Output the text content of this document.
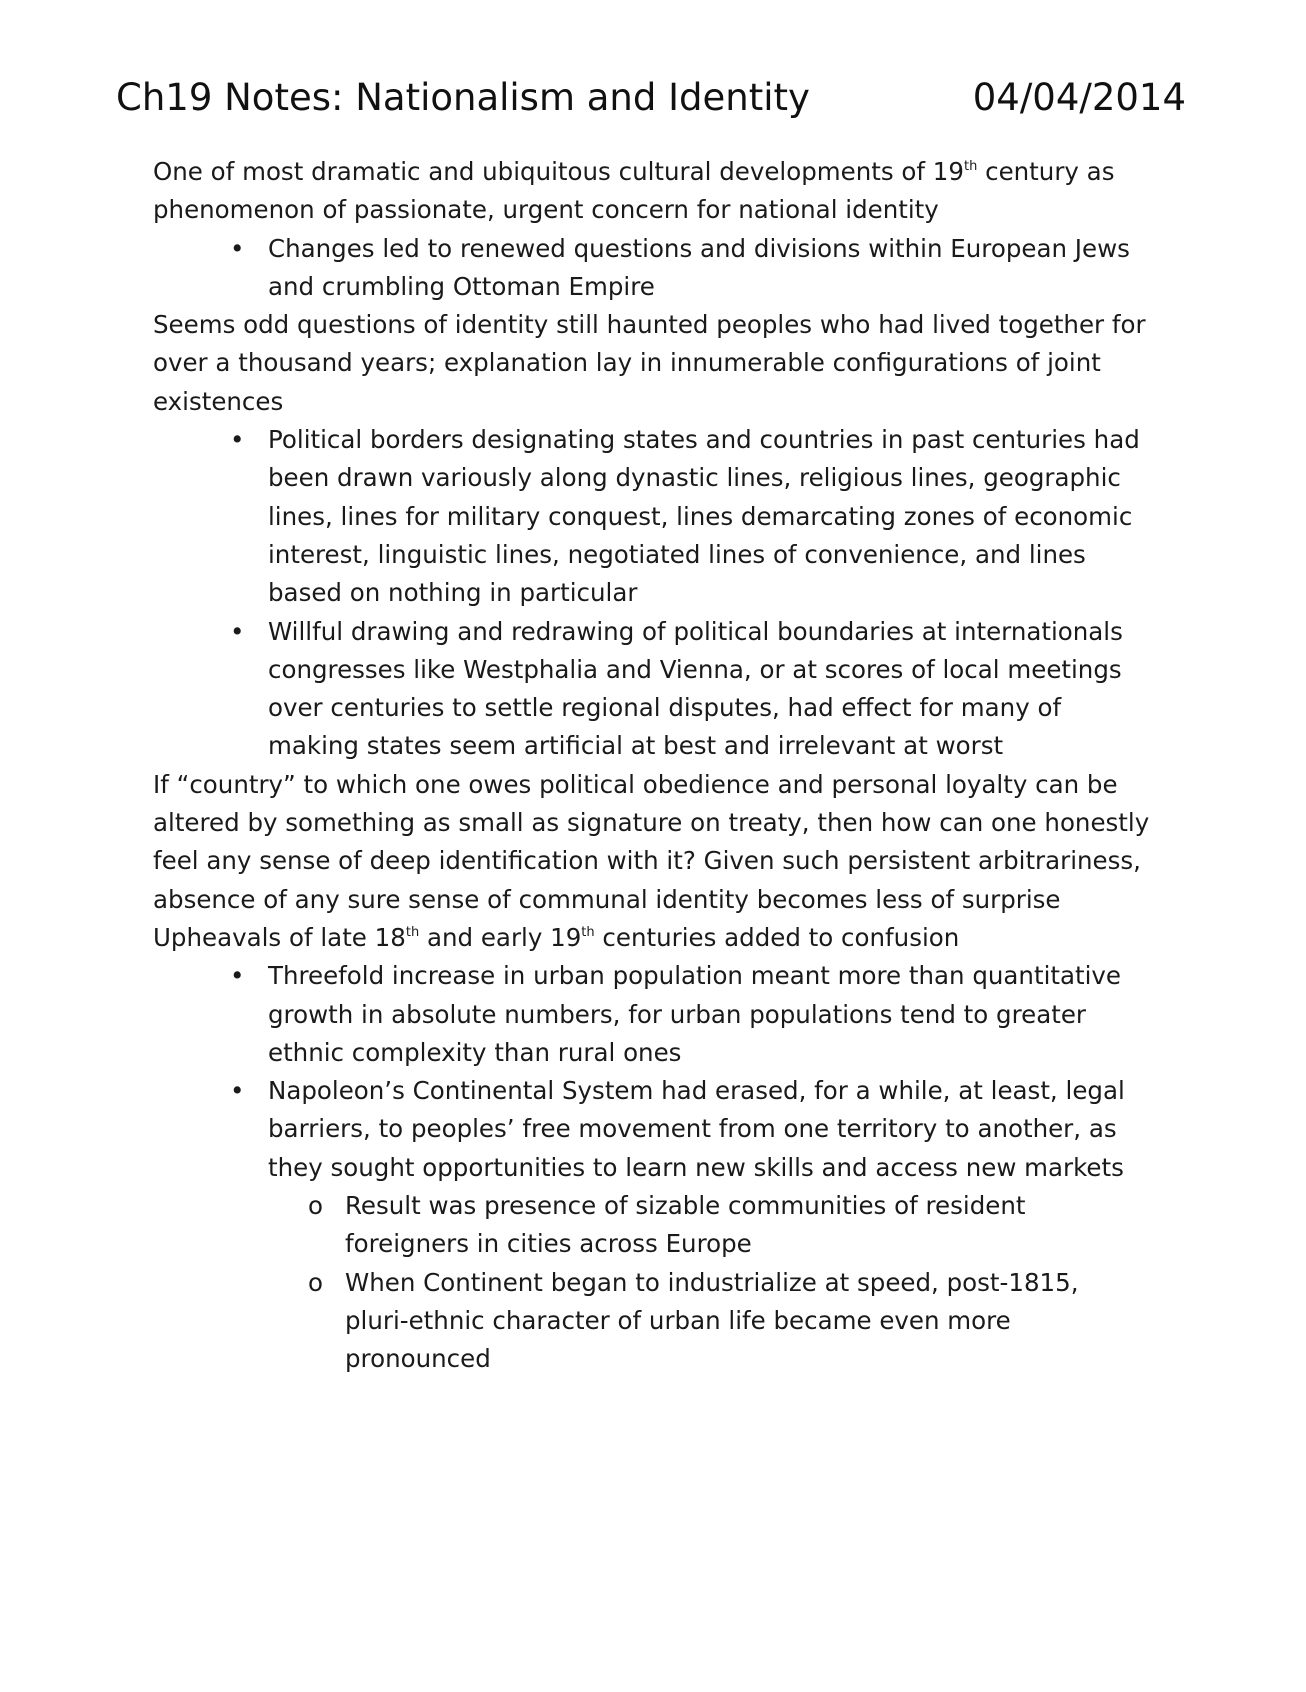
Ch19 Notes: Nationalism and Identity	04/04/2014

One of most dramatic and ubiquitous cultural developments of 19th century as phenomenon of passionate, urgent concern for national identity

• Changes led to renewed questions and divisions within European Jews and crumbling Ottoman Empire

Seems odd questions of identity still haunted peoples who had lived together for over a thousand years; explanation lay in innumerable configurations of joint existences

• Political borders designating states and countries in past centuries had been drawn variously along dynastic lines, religious lines, geographic lines, lines for military conquest, lines demarcating zones of economic interest, linguistic lines, negotiated lines of convenience, and lines based on nothing in particular
• Willful drawing and redrawing of political boundaries at internationals congresses like Westphalia and Vienna, or at scores of local meetings over centuries to settle regional disputes, had effect for many of making states seem artificial at best and irrelevant at worst

If “country” to which one owes political obedience and personal loyalty can be altered by something as small as signature on treaty, then how can one honestly feel any sense of deep identification with it? Given such persistent arbitrariness, absence of any sure sense of communal identity becomes less of surprise

Upheavals of late 18th and early 19th centuries added to confusion

• Threefold increase in urban population meant more than quantitative growth in absolute numbers, for urban populations tend to greater ethnic complexity than rural ones
• Napoleon’s Continental System had erased, for a while, at least, legal barriers, to peoples’ free movement from one territory to another, as they sought opportunities to learn new skills and access new markets
o Result was presence of sizable communities of resident foreigners in cities across Europe
o When Continent began to industrialize at speed, post-1815, pluri-ethnic character of urban life became even more pronounced
